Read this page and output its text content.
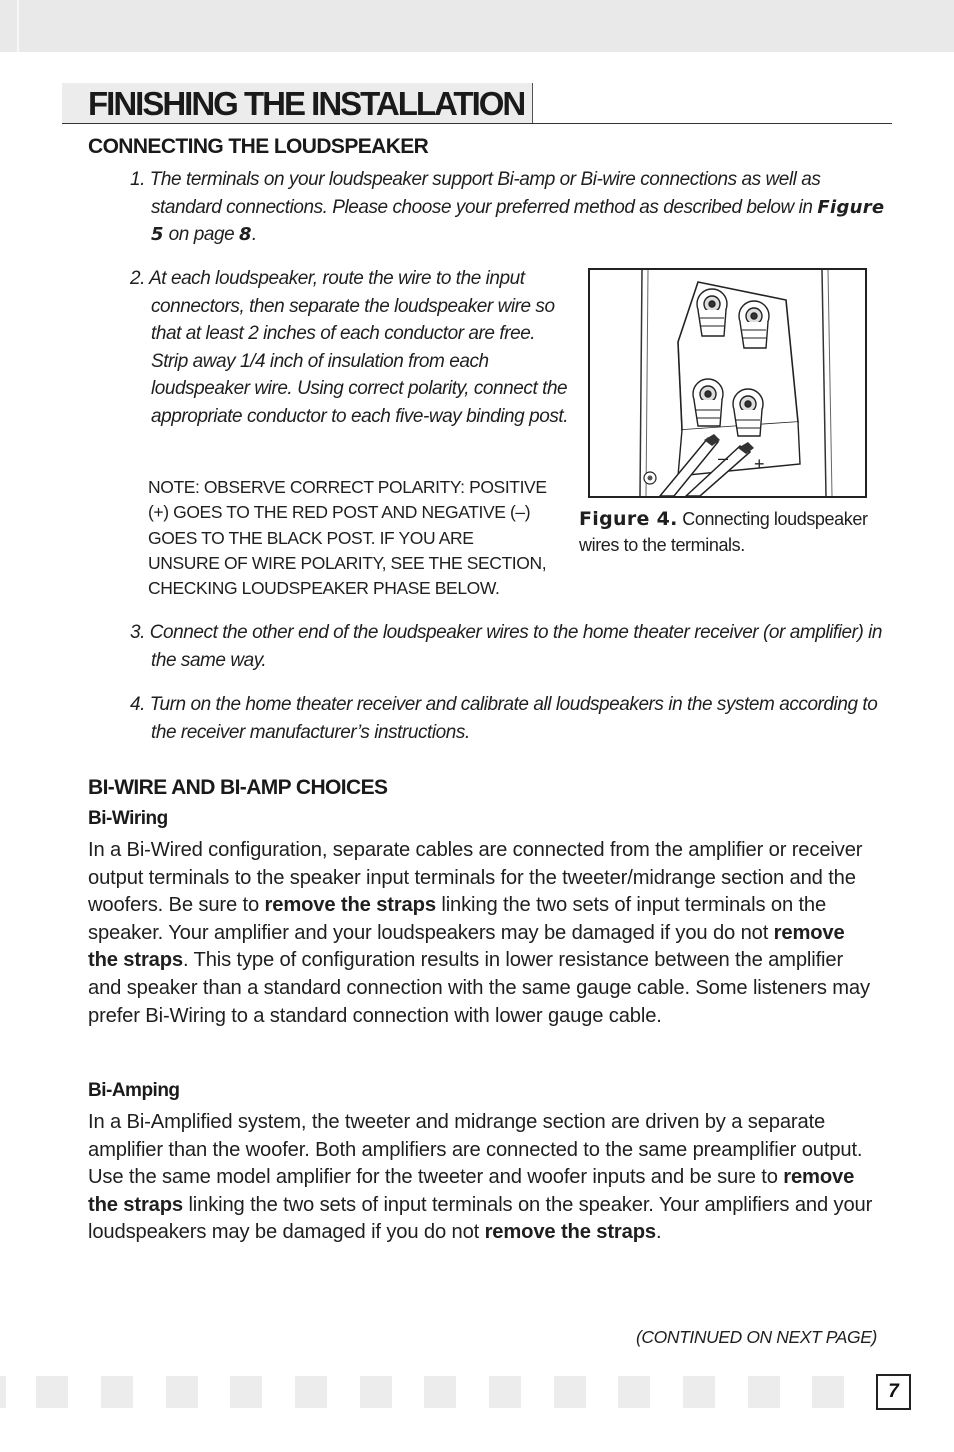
FINISHING THE INSTALLATION
CONNECTING THE LOUDSPEAKER

1. The terminals on your loudspeaker support Bi-amp or Bi-wire connections as well as standard connections. Please choose your preferred method as described below in Figure 5 on page 8.

2. At each loudspeaker, route the wire to the input connectors, then separate the loudspeaker wire so that at least 2 inches of each conductor are free. Strip away 1/4 inch of insulation from each loudspeaker wire. Using correct polarity, connect the appropriate conductor to each five-way binding post.

NOTE: OBSERVE CORRECT POLARITY: POSITIVE (+) GOES TO THE RED POST AND NEGATIVE (–) GOES TO THE BLACK POST. IF YOU ARE UNSURE OF WIRE POLARITY, SEE THE SECTION, CHECKING LOUDSPEAKER PHASE BELOW.

– +

Figure 4. Connecting loudspeaker wires to the terminals.

3. Connect the other end of the loudspeaker wires to the home theater receiver (or amplifier) in the same way.

4. Turn on the home theater receiver and calibrate all loudspeakers in the system according to the receiver manufacturer’s instructions.

BI-WIRE AND BI-AMP CHOICES
Bi-Wiring

In a Bi-Wired configuration, separate cables are connected from the amplifier or receiver output terminals to the speaker input terminals for the tweeter/midrange section and the woofers. Be sure to remove the straps linking the two sets of input terminals on the speaker. Your amplifier and your loudspeakers may be damaged if you do not remove the straps. This type of configuration results in lower resistance between the amplifier and speaker than a standard connection with the same gauge cable. Some listeners may prefer Bi-Wiring to a standard connection with lower gauge cable.

Bi-Amping

In a Bi-Amplified system, the tweeter and midrange section are driven by a separate amplifier than the woofer. Both amplifiers are connected to the same preamplifier output. Use the same model amplifier for the tweeter and woofer inputs and be sure to remove the straps linking the two sets of input terminals on the speaker. Your amplifiers and your loudspeakers may be damaged if you do not remove the straps.

(CONTINUED ON NEXT PAGE)

7
